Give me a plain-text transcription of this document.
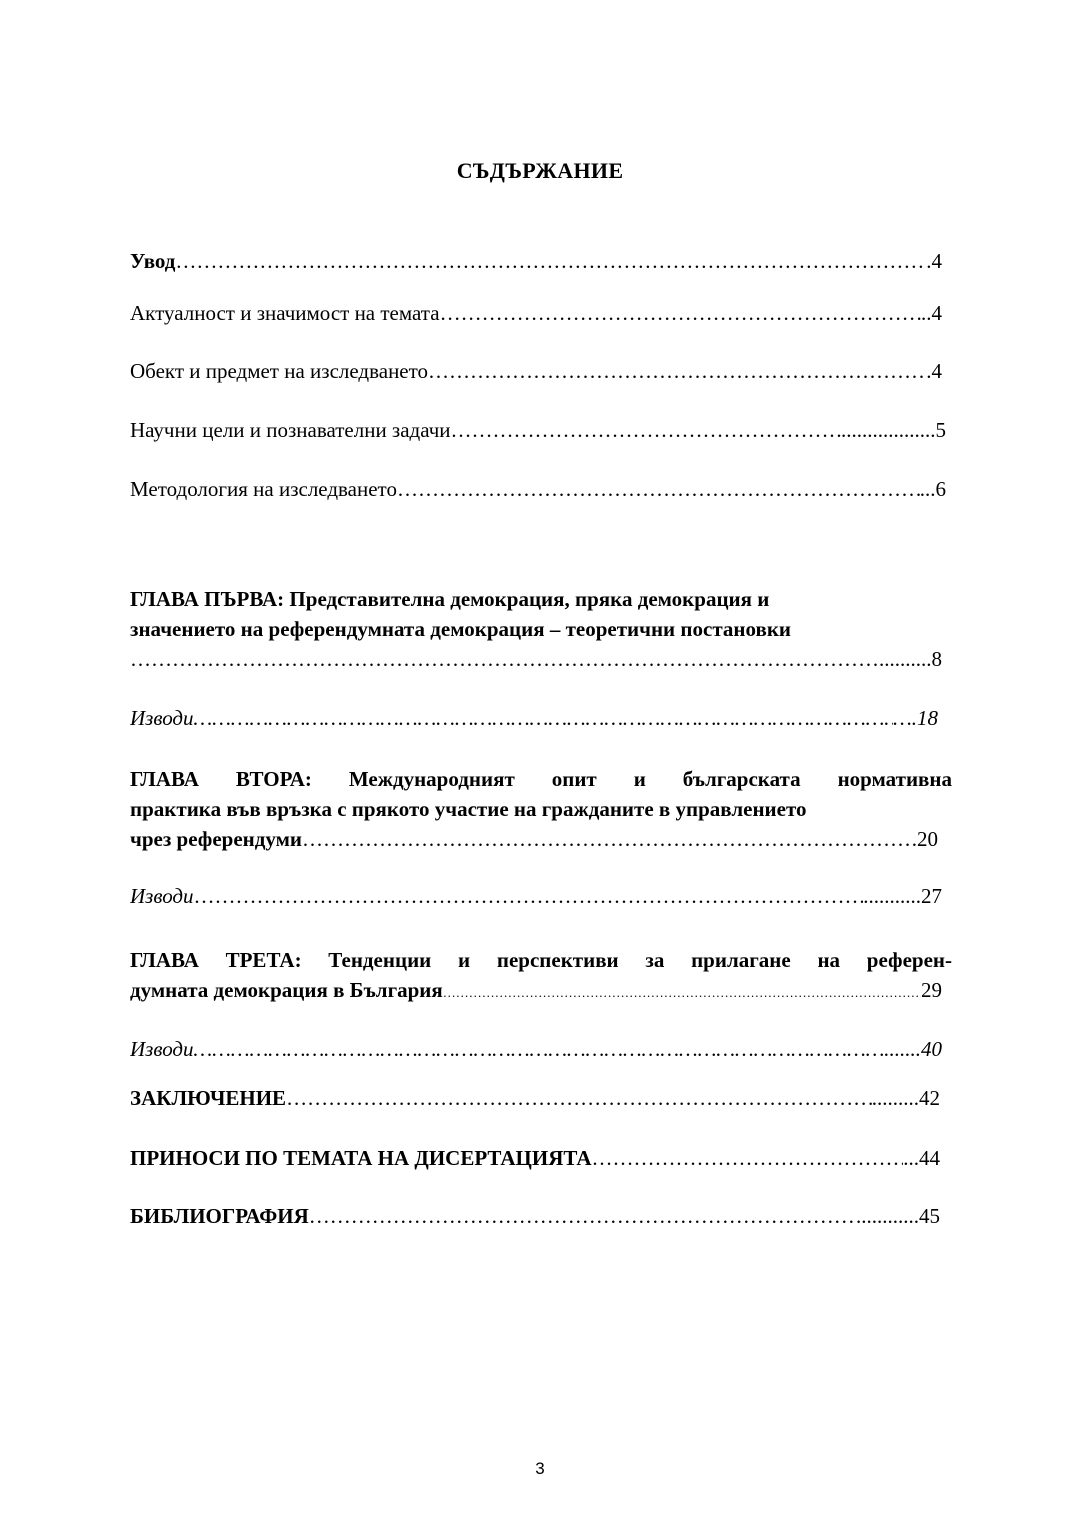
СЪДЪРЖАНИЕ
Увод ……………………………………………………………………………………………………………………………………………………………………………………………………………	.4
Актуалност и значимост на темата ……………………………………………………………………………………………………………………………………………………………………………………………………………	..4
Обект и предмет на изследването ……………………………………………………………………………………………………………………………………………………………………………………………………………	.4
Научни цели и познавателни задачи ……………………………………………………………………………………………………………………………………………………………………………………………………………	..................5
Методология на изследването ……………………………………………………………………………………………………………………………………………………………………………………………………………	...6
ГЛАВА ПЪРВА: Представителна демокрация, пряка демокрация и
значението на референдумната демокрация – теоретични постановки
……………………………………………………………………………………………………………………………………………………………………………………………………………
..........8
Изводи ……………………………………………………………………………………………………………………………………………………………………………………………………………	….18
ГЛАВА ВТОРА: Международният опит и българската нормативна
практика във връзка с прякото участие на гражданите в управлението
чрез референдуми ……………………………………………………………………………………………………………………………………………………………………………………………………………	.20
Изводи ……………………………………………………………………………………………………………………………………………………………………………………………………………	...........27
ГЛАВА ТРЕТА: Тенденции и перспективи за прилагане на референ-
думната демокрация в България ……………………………………………………………………………………………………………………………………………………………………………………………………………	29
Изводи ……………………………………………………………………………………………………………………………………………………………………………………………………………	......40
ЗАКЛЮЧЕНИЕ ……………………………………………………………………………………………………………………………………………………………………………………………………………	.........42
ПРИНОСИ ПО ТЕМАТА НА ДИСЕРТАЦИЯТА ……………………………………………………………………………………………………………………………………………………………………………………………………………	...44
БИБЛИОГРАФИЯ ……………………………………………………………………………………………………………………………………………………………………………………………………………	............45
3
